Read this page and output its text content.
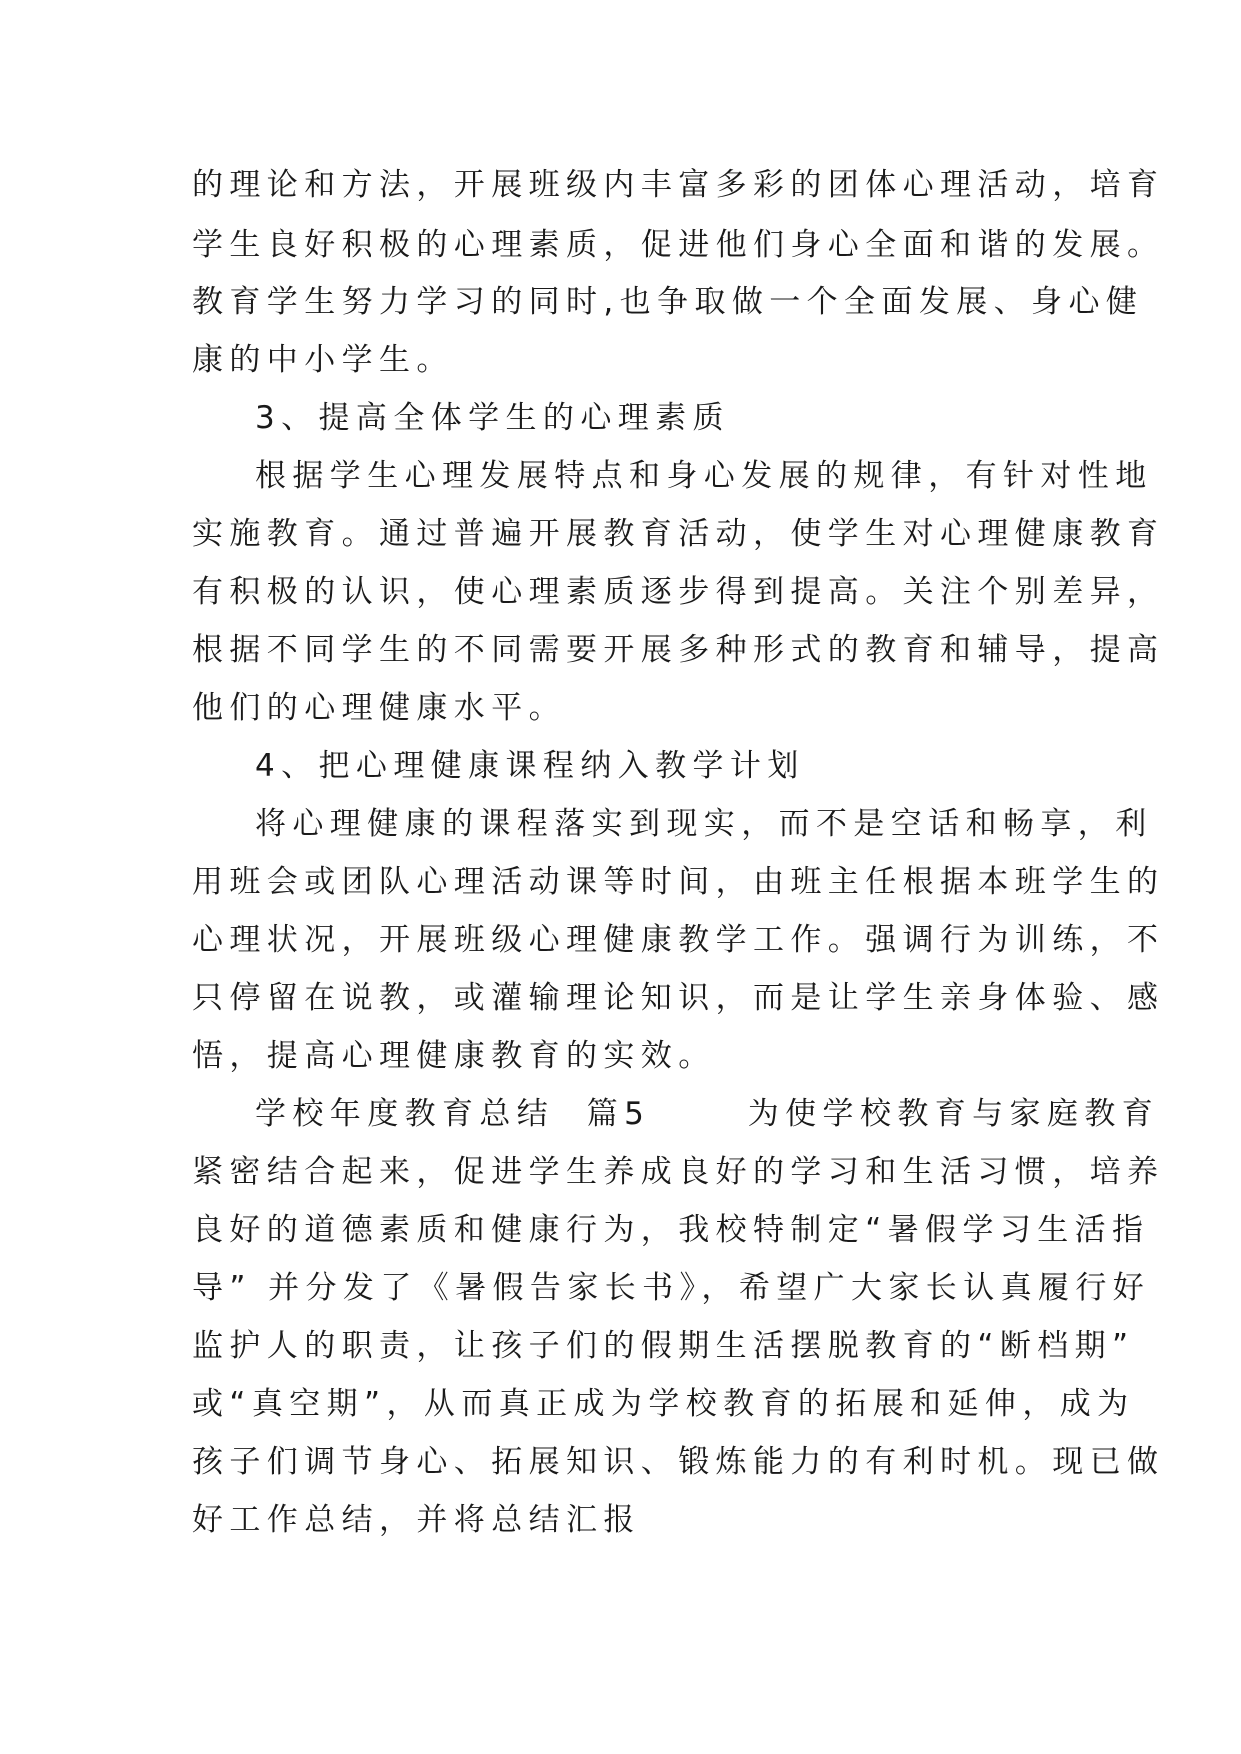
的理论和方法，开展班级内丰富多彩的团体心理活动，培育
学生良好积极的心理素质，促进他们身心全面和谐的发展。
教育学生努力学习的同时,也争取做一个全面发展、身心健
康的中小学生。
3、提高全体学生的心理素质
根据学生心理发展特点和身心发展的规律，有针对性地
实施教育。通过普遍开展教育活动，使学生对心理健康教育
有积极的认识，使心理素质逐步得到提高。关注个别差异，
根据不同学生的不同需要开展多种形式的教育和辅导，提高
他们的心理健康水平。
4、把心理健康课程纳入教学计划
将心理健康的课程落实到现实，而不是空话和畅享，利
用班会或团队心理活动课等时间，由班主任根据本班学生的
心理状况，开展班级心理健康教学工作。强调行为训练，不
只停留在说教，或灌输理论知识，而是让学生亲身体验、感
悟，提高心理健康教育的实效。
学校年度教育总结  篇5      为使学校教育与家庭教育
紧密结合起来，促进学生养成良好的学习和生活习惯，培养
良好的道德素质和健康行为，我校特制定“暑假学习生活指
导” 并分发了《暑假告家长书》，希望广大家长认真履行好
监护人的职责，让孩子们的假期生活摆脱教育的“断档期”
或“真空期”，从而真正成为学校教育的拓展和延伸，成为
孩子们调节身心、拓展知识、锻炼能力的有利时机。现已做
好工作总结，并将总结汇报
